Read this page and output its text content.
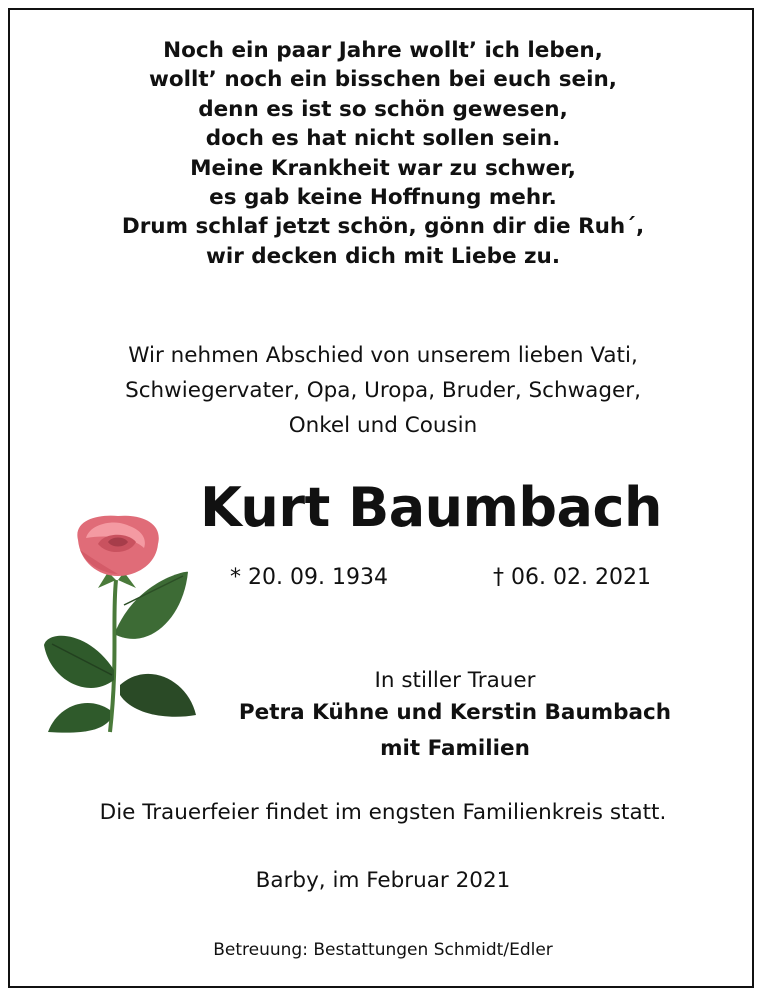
Noch ein paar Jahre wollt’ ich leben,
wollt’ noch ein bisschen bei euch sein,
denn es ist so schön gewesen,
doch es hat nicht sollen sein.
Meine Krankheit war zu schwer,
es gab keine Hoffnung mehr.
Drum schlaf jetzt schön, gönn dir die Ruh´,
wir decken dich mit Liebe zu.
Wir nehmen Abschied von unserem lieben Vati,
Schwiegervater, Opa, Uropa, Bruder, Schwager,
Onkel und Cousin
Kurt Baumbach
* 20. 09. 1934	† 06. 02. 2021
In stiller Trauer
Petra Kühne und Kerstin Baumbach
mit Familien
Die Trauerfeier findet im engsten Familienkreis statt.
Barby, im Februar 2021
Betreuung: Bestattungen Schmidt/Edler
